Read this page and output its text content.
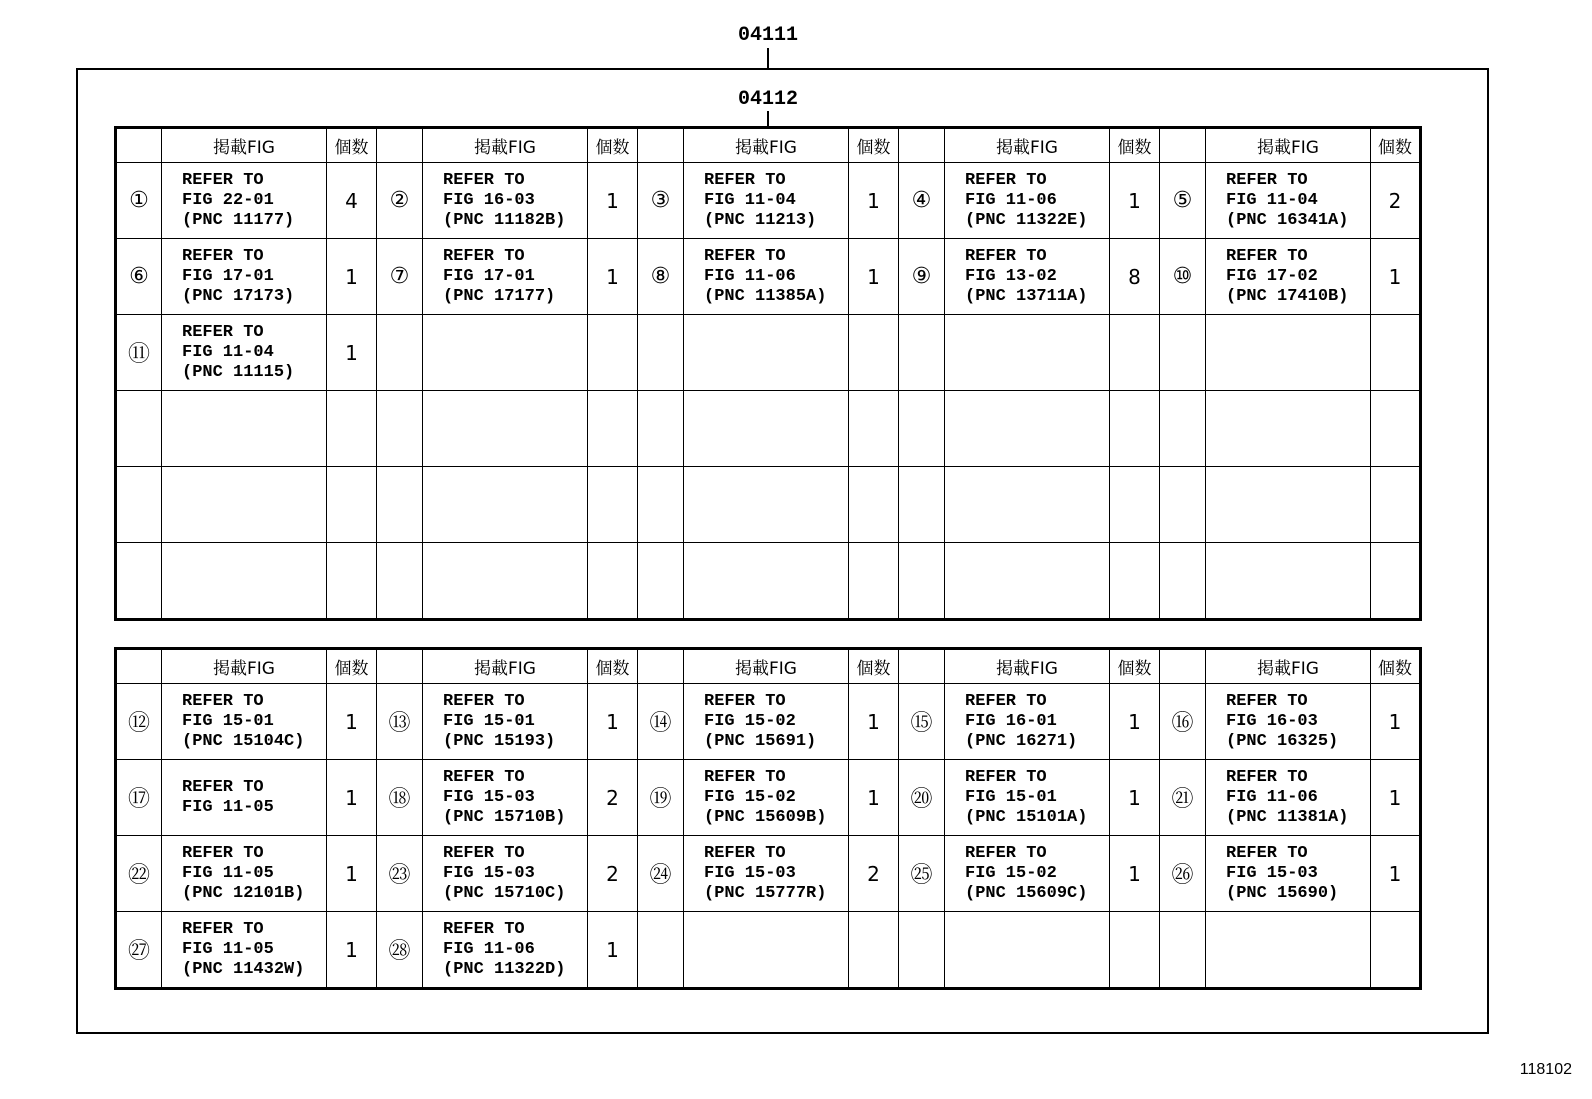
04111
04112
	掲載FIG	個数		掲載FIG	個数		掲載FIG	個数		掲載FIG	個数		掲載FIG	個数
①	REFER TO
FIG 22-01
(PNC 11177)	4	②	REFER TO
FIG 16-03
(PNC 11182B)	1	③	REFER TO
FIG 11-04
(PNC 11213)	1	④	REFER TO
FIG 11-06
(PNC 11322E)	1	⑤	REFER TO
FIG 11-04
(PNC 16341A)	2
⑥	REFER TO
FIG 17-01
(PNC 17173)	1	⑦	REFER TO
FIG 17-01
(PNC 17177)	1	⑧	REFER TO
FIG 11-06
(PNC 11385A)	1	⑨	REFER TO
FIG 13-02
(PNC 13711A)	8	⑩	REFER TO
FIG 17-02
(PNC 17410B)	1
⑪	REFER TO
FIG 11-04
(PNC 11115)	1												

	掲載FIG	個数		掲載FIG	個数		掲載FIG	個数		掲載FIG	個数		掲載FIG	個数
⑫	REFER TO
FIG 15-01
(PNC 15104C)	1	⑬	REFER TO
FIG 15-01
(PNC 15193)	1	⑭	REFER TO
FIG 15-02
(PNC 15691)	1	⑮	REFER TO
FIG 16-01
(PNC 16271)	1	⑯	REFER TO
FIG 16-03
(PNC 16325)	1
⑰	REFER TO
FIG 11-05	1	⑱	REFER TO
FIG 15-03
(PNC 15710B)	2	⑲	REFER TO
FIG 15-02
(PNC 15609B)	1	⑳	REFER TO
FIG 15-01
(PNC 15101A)	1	㉑	REFER TO
FIG 11-06
(PNC 11381A)	1
㉒	REFER TO
FIG 11-05
(PNC 12101B)	1	㉓	REFER TO
FIG 15-03
(PNC 15710C)	2	㉔	REFER TO
FIG 15-03
(PNC 15777R)	2	㉕	REFER TO
FIG 15-02
(PNC 15609C)	1	㉖	REFER TO
FIG 15-03
(PNC 15690)	1
㉗	REFER TO
FIG 11-05
(PNC 11432W)	1	㉘	REFER TO
FIG 11-06
(PNC 11322D)	1									
118102
